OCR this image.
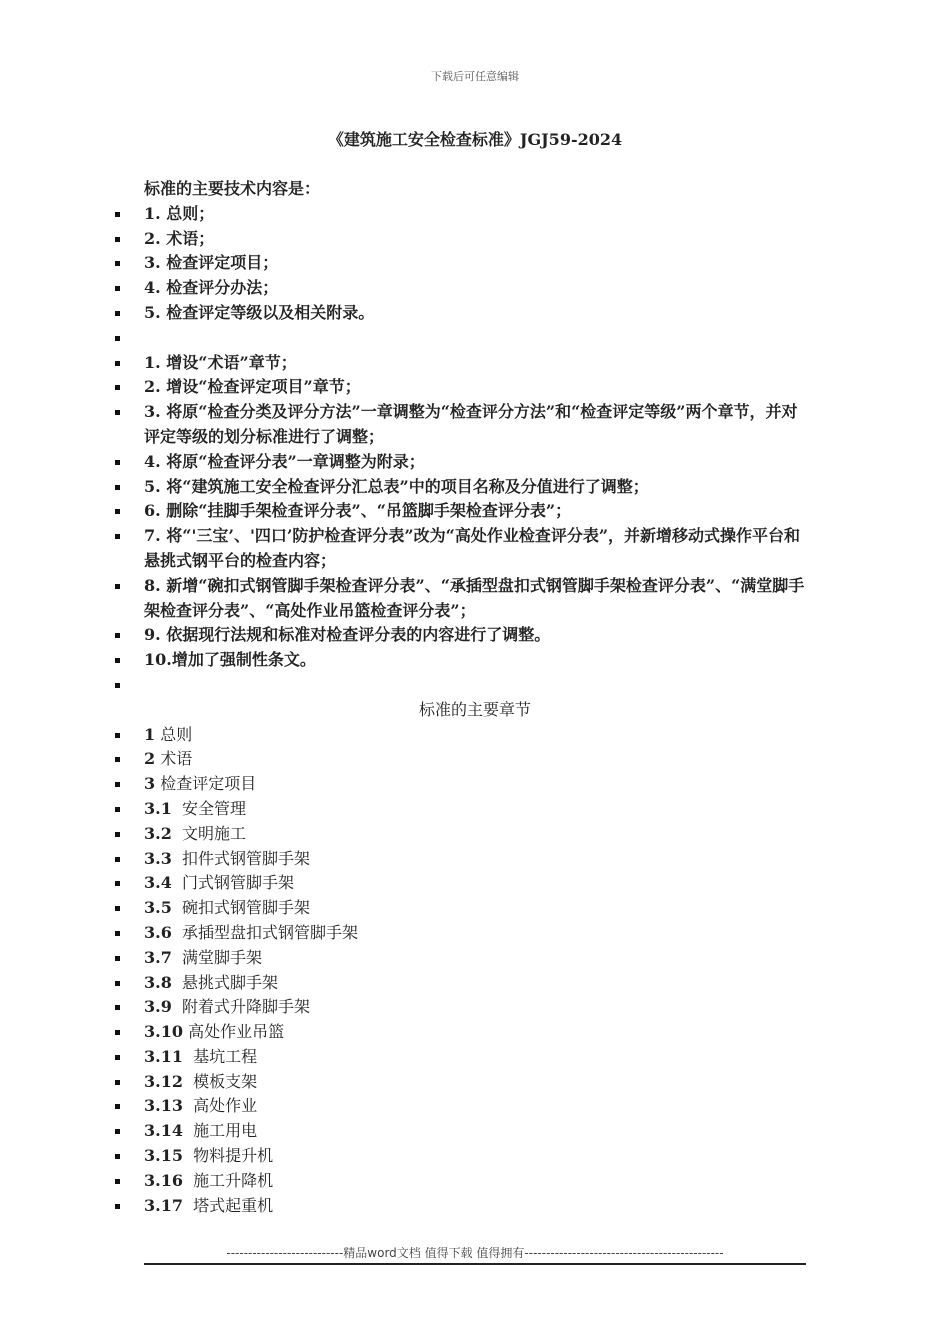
下载后可任意编辑
《建筑施工安全检查标准》JGJ59-2024
标准的主要技术内容是：
1. 总则；
2. 术语；
3. 检查评定项目；
4. 检查评分办法；
5. 检查评定等级以及相关附录。
1. 增设“术语”章节；
2. 增设“检查评定项目”章节；
3. 将原“检查分类及评分方法”一章调整为“检查评分方法”和“检查评定等级”两个章节，并对评定等级的划分标准进行了调整；
4. 将原“检查评分表”一章调整为附录；
5. 将“建筑施工安全检查评分汇总表”中的项目名称及分值进行了调整；
6. 删除“挂脚手架检查评分表”、“吊篮脚手架检查评分表”；
7. 将“'三宝’、'四口’防护检查评分表”改为“高处作业检查评分表”，并新增移动式操作平台和悬挑式钢平台的检查内容；
8. 新增“碗扣式钢管脚手架检查评分表”、“承插型盘扣式钢管脚手架检查评分表”、“满堂脚手架检查评分表”、“高处作业吊篮检查评分表”；
9. 依据现行法规和标准对检查评分表的内容进行了调整。
10.增加了强制性条文。
标准的主要章节
1 总则
2 术语
3 检查评定项目
3.1 安全管理
3.2 文明施工
3.3 扣件式钢管脚手架
3.4 门式钢管脚手架
3.5 碗扣式钢管脚手架
3.6 承插型盘扣式钢管脚手架
3.7 满堂脚手架
3.8 悬挑式脚手架
3.9 附着式升降脚手架
3.10 高处作业吊篮
3.11 基坑工程
3.12 模板支架
3.13 高处作业
3.14 施工用电
3.15 物料提升机
3.16 施工升降机
3.17 塔式起重机
---------------------------精品word文档 值得下载 值得拥有----------------------------------------------
